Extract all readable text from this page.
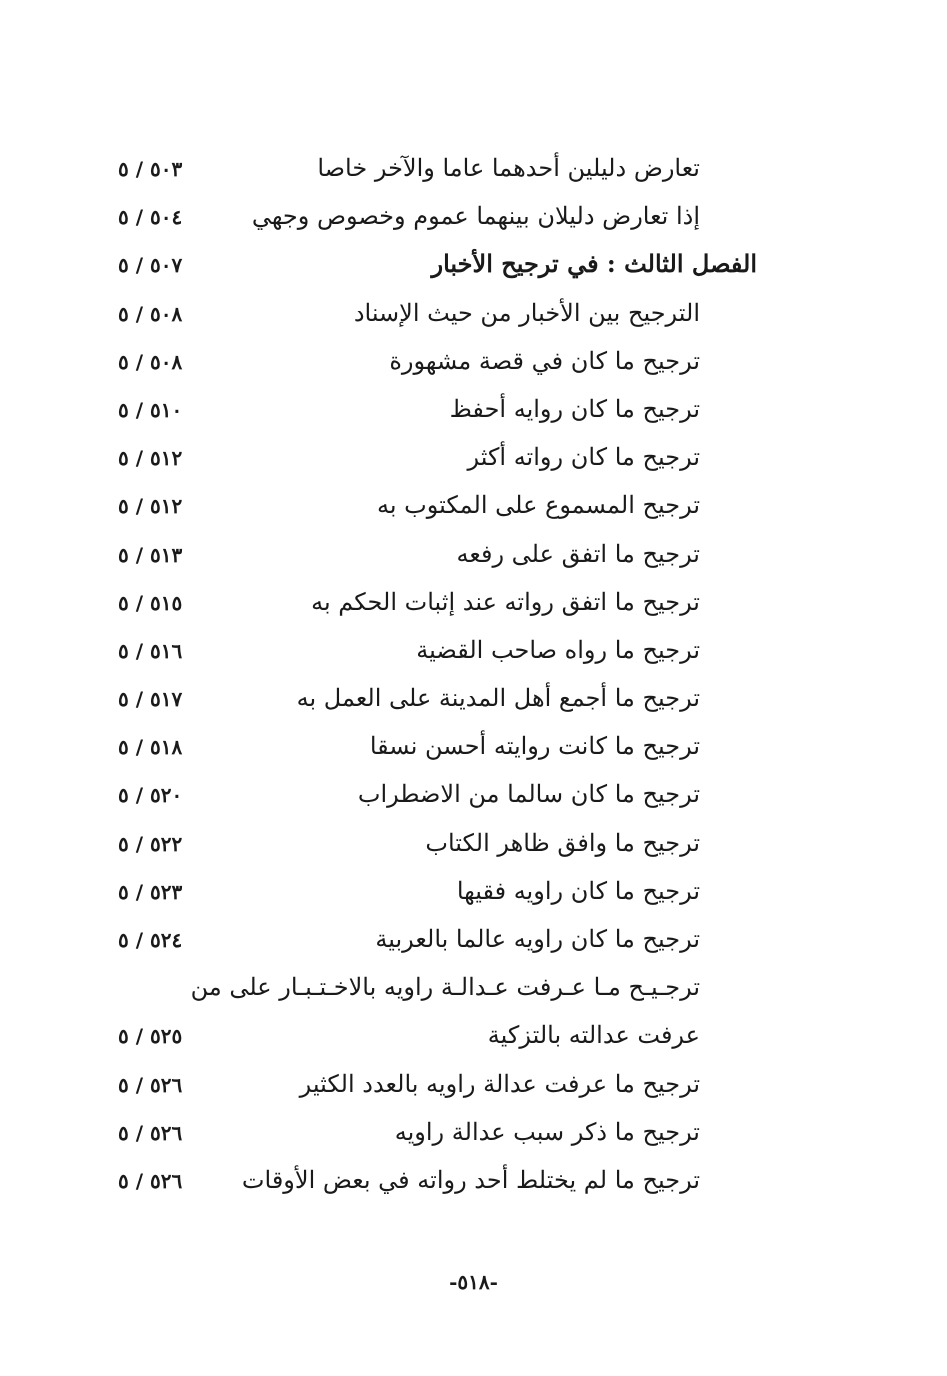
تعارض دليلين أحدهما عاما والآخر خاصا
٥٠٣ / ٥
إذا تعارض دليلان بينهما عموم وخصوص وجهي
٥٠٤ / ٥
الفصل الثالث : في ترجيح الأخبار
٥٠٧ / ٥
الترجيح بين الأخبار من حيث الإسناد
٥٠٨ / ٥
ترجيح ما كان في قصة مشهورة
٥٠٨ / ٥
ترجيح ما كان روايه أحفظ
٥١٠ / ٥
ترجيح ما كان رواته أكثر
٥١٢ / ٥
ترجيح المسموع على المكتوب به
٥١٢ / ٥
ترجيح ما اتفق على رفعه
٥١٣ / ٥
ترجيح ما اتفق رواته عند إثبات الحكم به
٥١٥ / ٥
ترجيح ما رواه صاحب القضية
٥١٦ / ٥
ترجيح ما أجمع أهل المدينة على العمل به
٥١٧ / ٥
ترجيح ما كانت روايته أحسن نسقا
٥١٨ / ٥
ترجيح ما كان سالما من الاضطراب
٥٢٠ / ٥
ترجيح ما وافق ظاهر الكتاب
٥٢٢ / ٥
ترجيح ما كان راويه فقيها
٥٢٣ / ٥
ترجيح ما كان راويه عالما بالعربية
٥٢٤ / ٥
ترجـيـح مـا عـرفت عـدالـة راويه بالاخـتـبـار على من
عرفت عدالته بالتزكية
٥٢٥ / ٥
ترجيح ما عرفت عدالة راويه بالعدد الكثير
٥٢٦ / ٥
ترجيح ما ذكر سبب عدالة راويه
٥٢٦ / ٥
ترجيح ما لم يختلط أحد رواته في بعض الأوقات
٥٢٦ / ٥
-٥١٨-
